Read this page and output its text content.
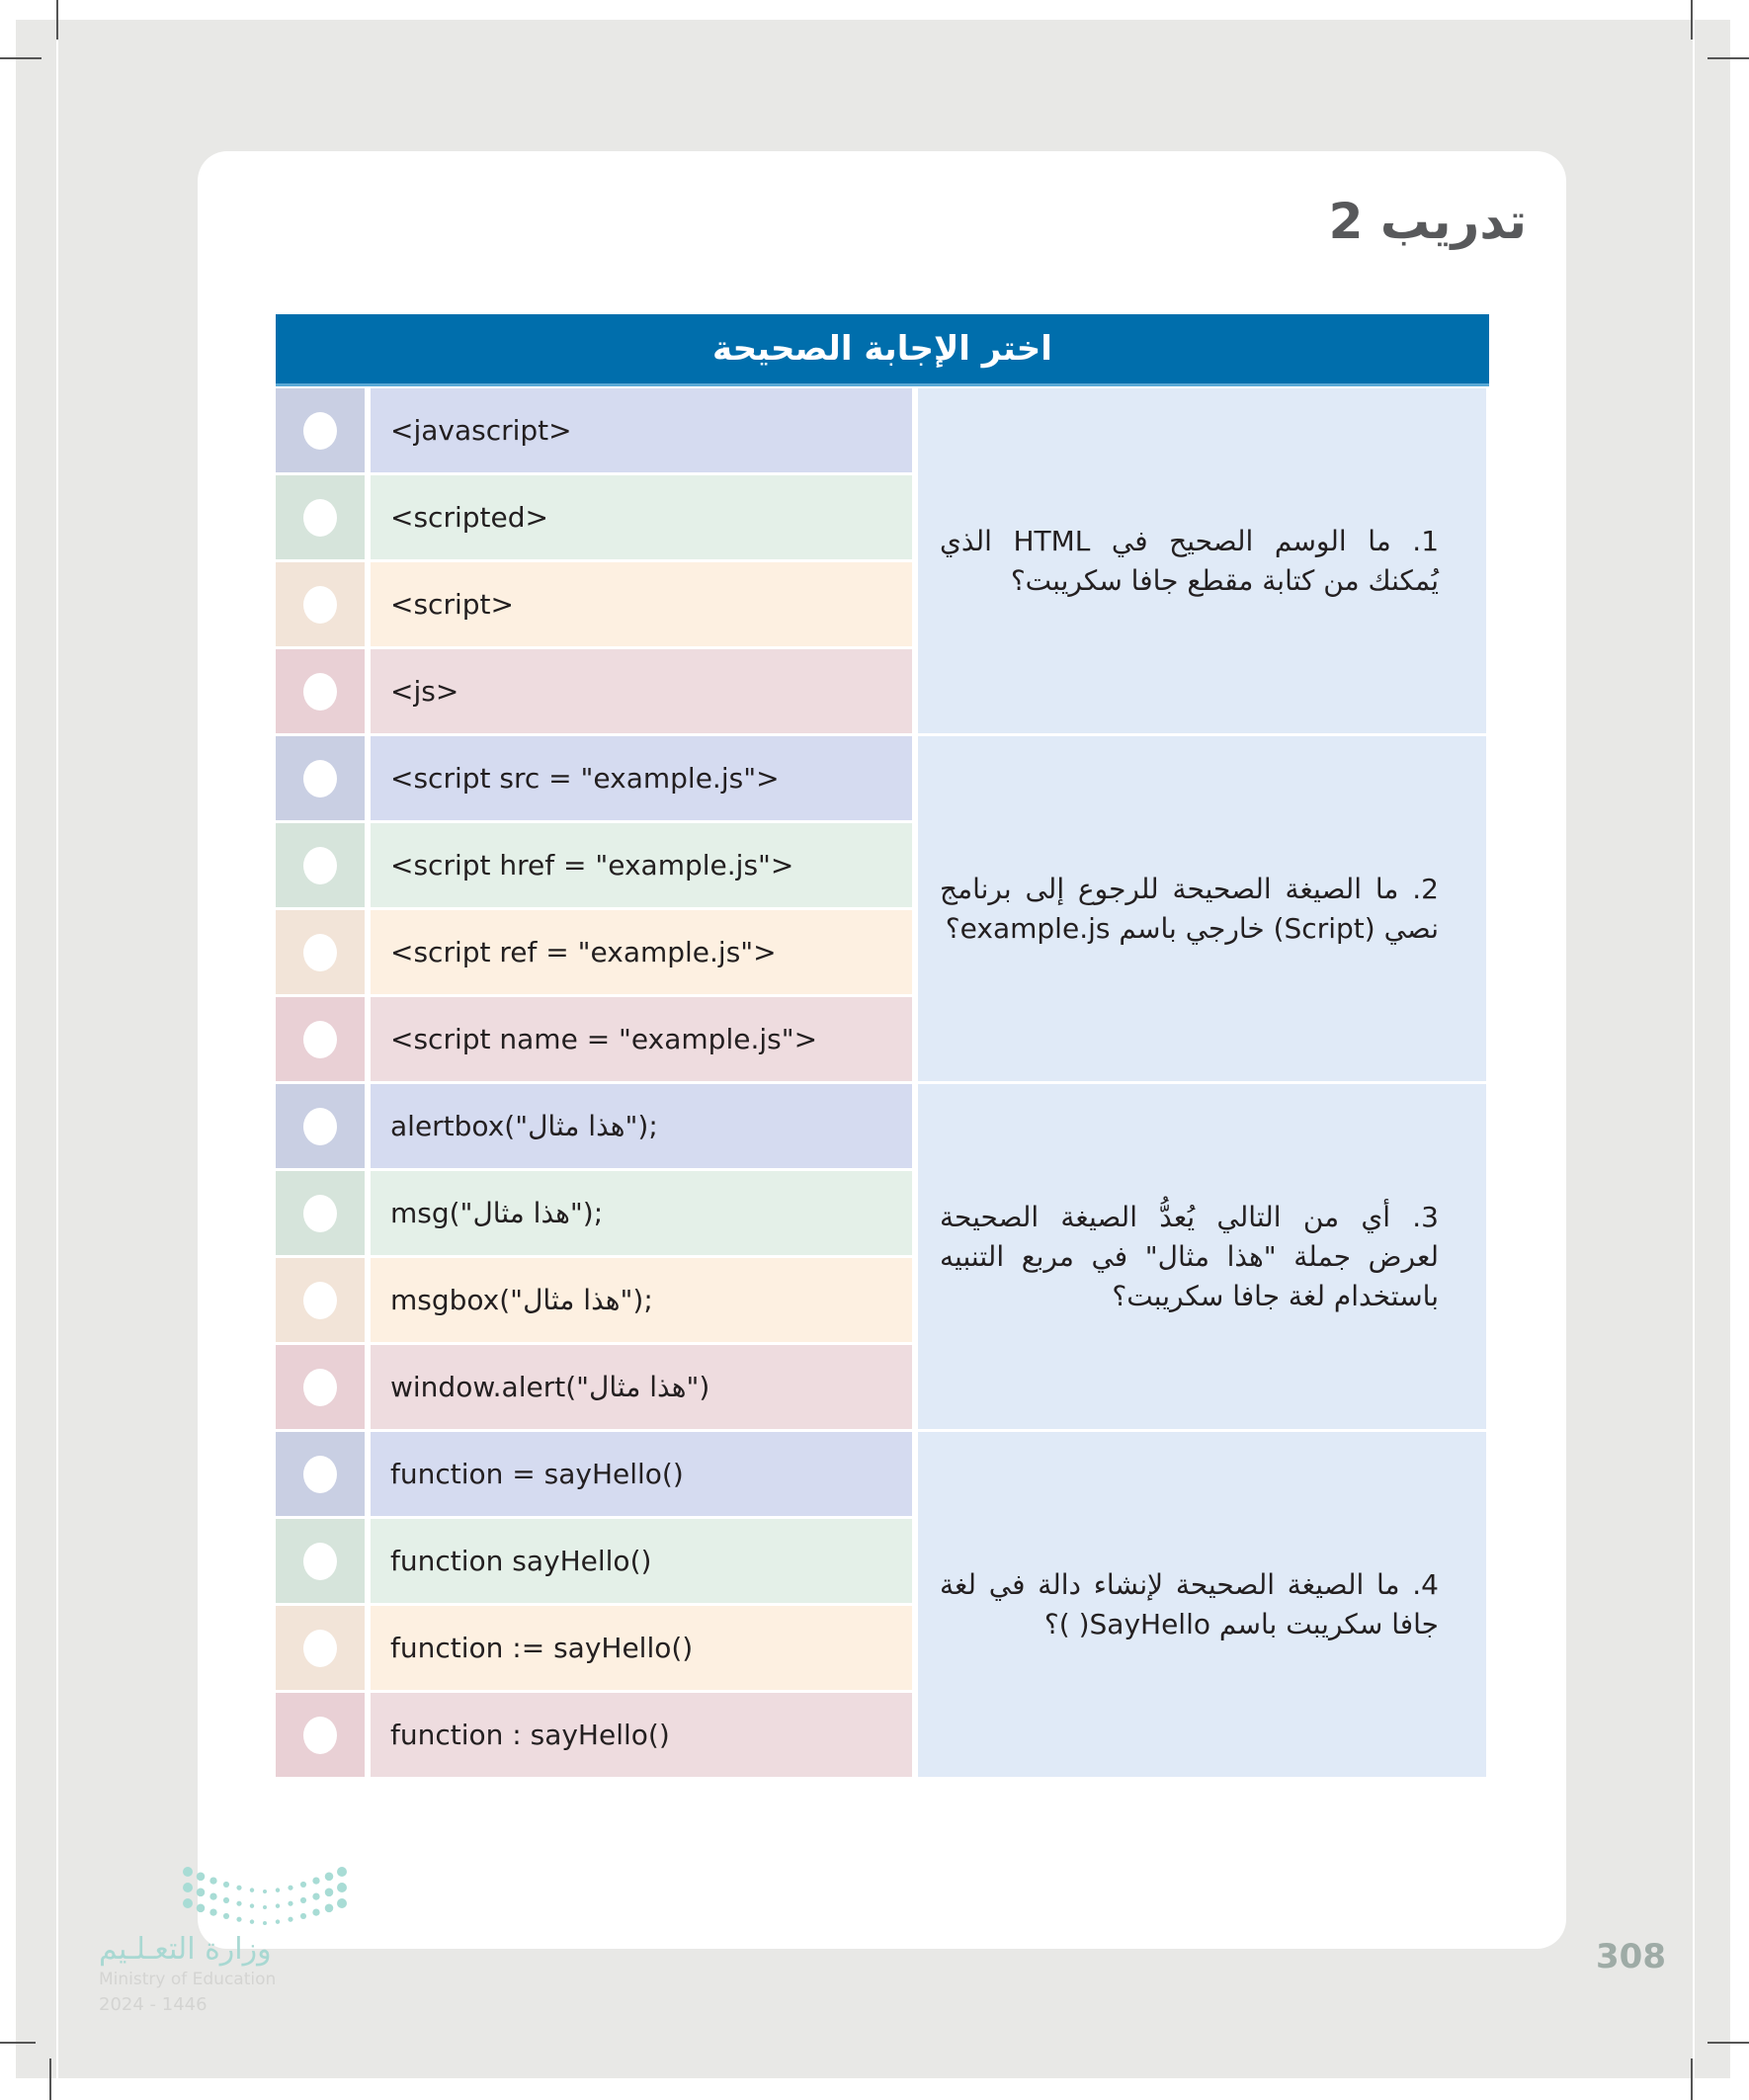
تدريب 2
اختر الإجابة الصحيحة
<javascript>
<scripted>
<script>
<js>
1. ما الوسم الصحيح في HTML الذي يُمكنك من كتابة مقطع جافا سكريبت؟
<script src = "example.js">
<script href = "example.js">
<script ref = "example.js">
<script name = "example.js">
2. ما الصيغة الصحيحة للرجوع إلى برنامج نصي (Script) خارجي باسم example.js؟
alertbox("هذا مثال");
msg("هذا مثال");
msgbox("هذا مثال");
window.alert("هذا مثال")
3. أي من التالي يُعدُّ الصيغة الصحيحة لعرض جملة "هذا مثال" في مربع التنبيه باستخدام لغة جافا سكريبت؟
function = sayHello()
function sayHello()
function := sayHello()
function : sayHello()
4. ما الصيغة الصحيحة لإنشاء دالة في لغة جافا سكريبت باسم SayHello( )؟
وزارة التعـلـيم
Ministry of Education
2024 - 1446
308
